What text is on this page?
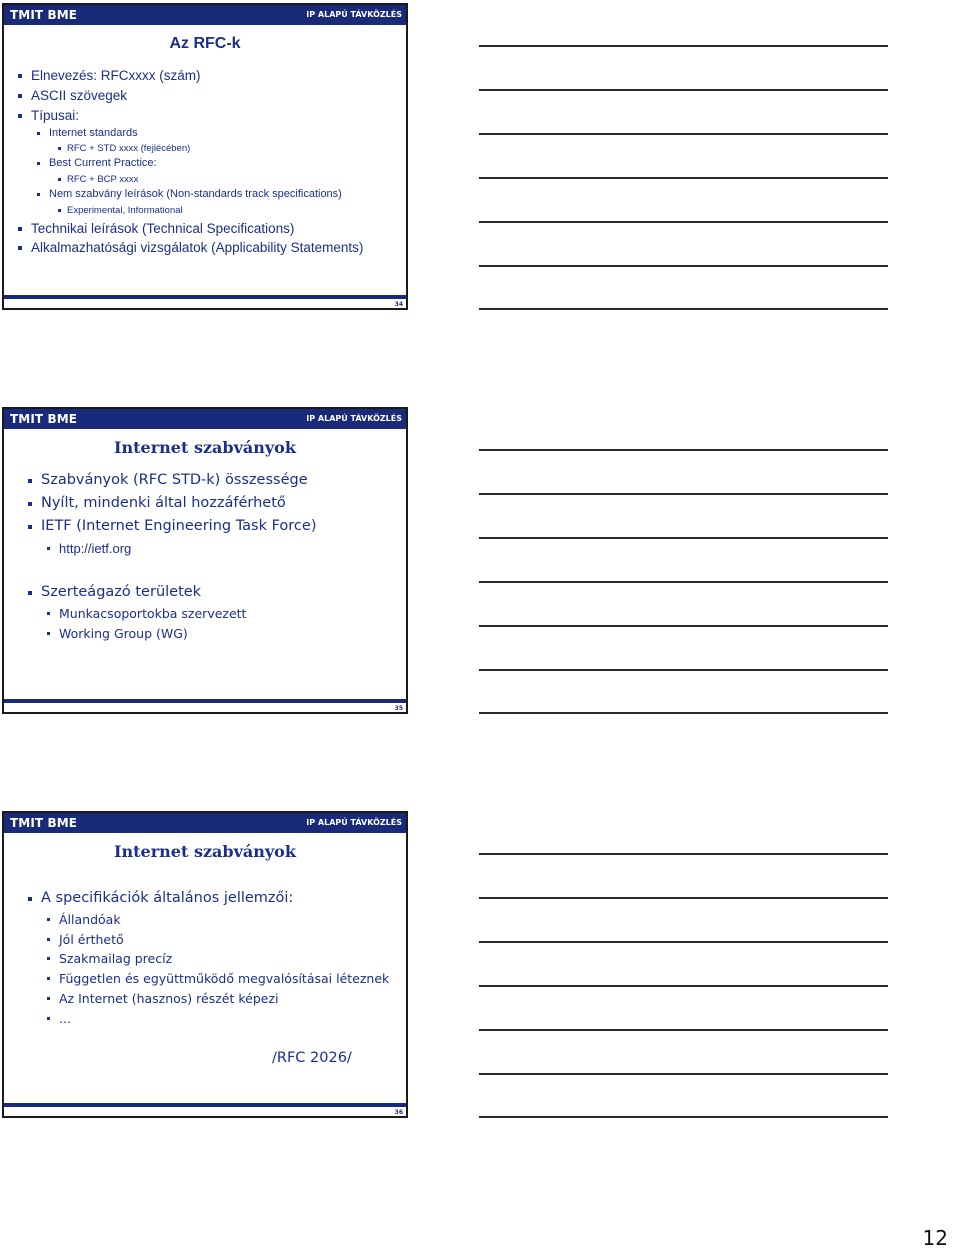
TMIT BME	IP ALAPÚ TÁVKÖZLÉS
Az RFC-k
Elnevezés: RFCxxxx (szám)
ASCII szövegek
Típusai:
Internet standards
RFC + STD xxxx (fejlécében)
Best Current Practice:
RFC + BCP xxxx
Nem szabvány leírások (Non-standards track specifications)
Experimental, Informational
Technikai leírások (Technical Specifications)
Alkalmazhatósági vizsgálatok (Applicability Statements)
34
TMIT BME	IP ALAPÚ TÁVKÖZLÉS
Internet szabványok
Szabványok (RFC STD-k) összessége
Nyílt, mindenki által hozzáférhető
IETF (Internet Engineering Task Force)
http://ietf.org
Szerteágazó területek
Munkacsoportokba szervezett
Working Group (WG)
35
TMIT BME	IP ALAPÚ TÁVKÖZLÉS
Internet szabványok
A specifikációk általános jellemzői:
Állandóak
Jól érthető
Szakmailag precíz
Független és együttműködő megvalósításai léteznek
Az Internet (hasznos) részét képezi
...
/RFC 2026/
36
12
